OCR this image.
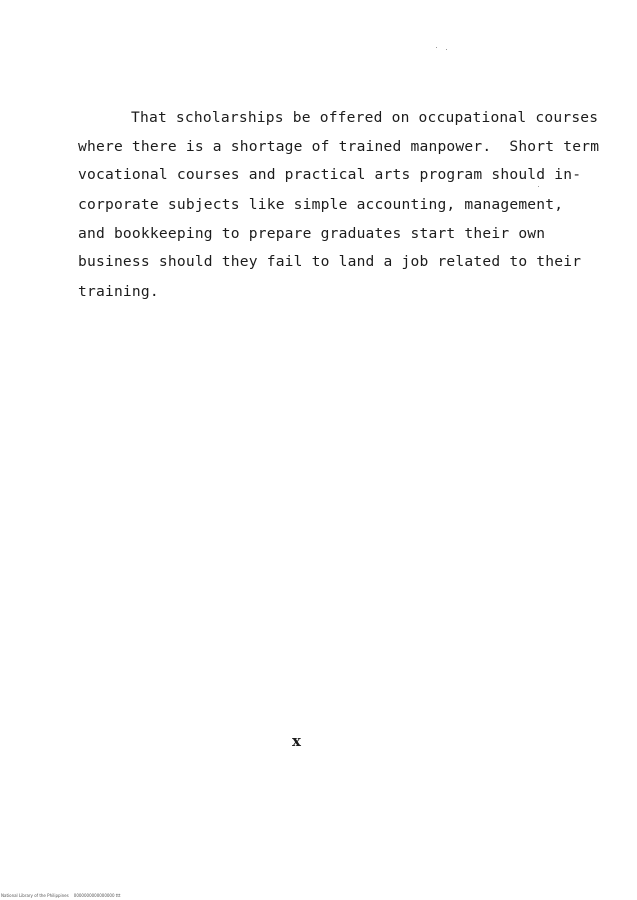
That scholarships be offered on occupational courses
where there is a shortage of trained manpower.  Short term
vocational courses and practical arts program should in-
corporate subjects like simple accounting, management,
and bookkeeping to prepare graduates start their own
business should they fail to land a job related to their
training.
x
National Library of the Philippines    0000000000000000 ttt
